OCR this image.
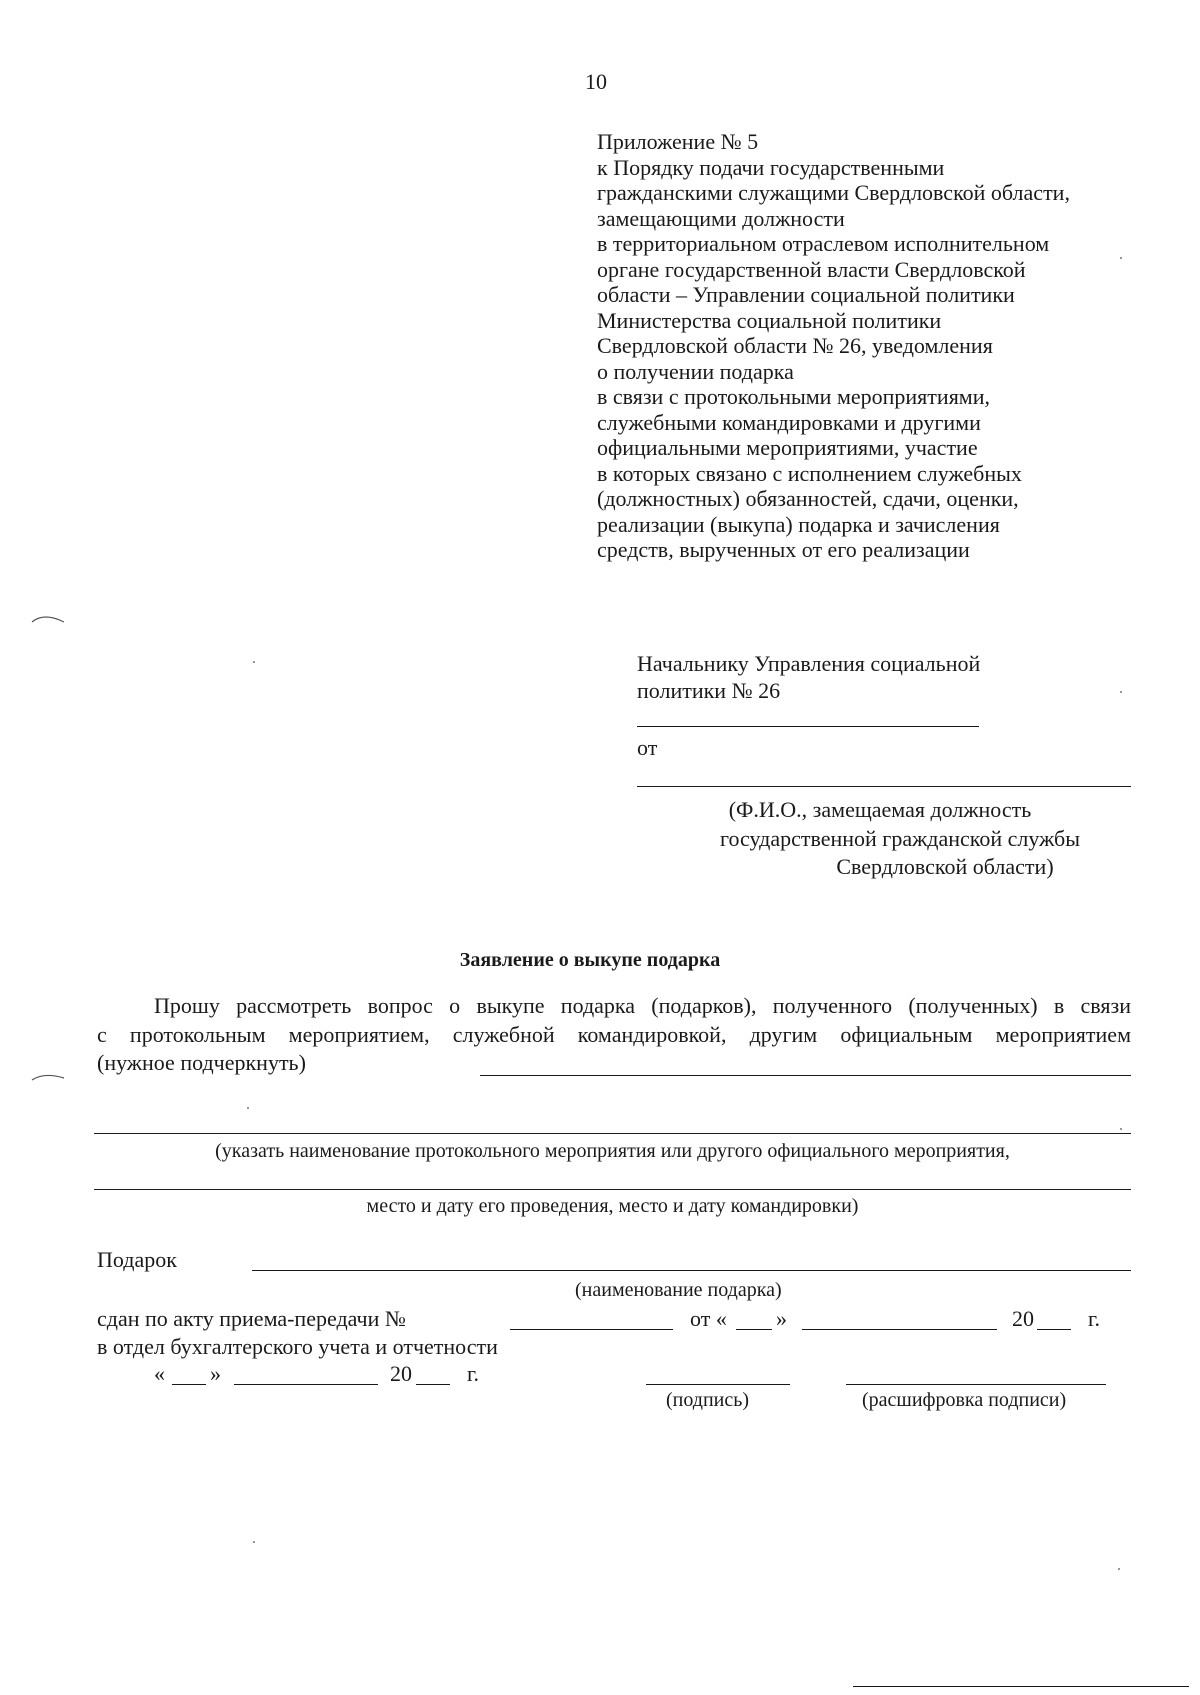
10
Приложение № 5
к Порядку подачи государственными
гражданскими служащими Свердловской области,
замещающими должности
в территориальном отраслевом исполнительном
органе государственной власти Свердловской
области – Управлении социальной политики
Министерства социальной политики
Свердловской области № 26, уведомления
о получении подарка
в связи с протокольными мероприятиями,
служебными командировками и другими
официальными мероприятиями, участие
в которых связано с исполнением служебных
(должностных) обязанностей, сдачи, оценки,
реализации (выкупа) подарка и зачисления
средств, вырученных от его реализации
Начальнику Управления социальной
политики № 26
от
(Ф.И.О., замещаемая должность
государственной гражданской службы
Свердловской области)
Заявление о выкупе подарка
Прошу рассмотреть вопрос о выкупе подарка (подарков), полученного (полученных) в связи
с протокольным мероприятием, служебной командировкой, другим официальным мероприятием
(нужное подчеркнуть)
(указать наименование протокольного мероприятия или другого официального мероприятия,
место и дату его проведения, место и дату командировки)
Подарок
(наименование подарка)
сдан по акту приема-передачи №	от « »	20 г.
в отдел бухгалтерского учета и отчетности
« »	20	г.
(подпись)	(расшифровка подписи)
